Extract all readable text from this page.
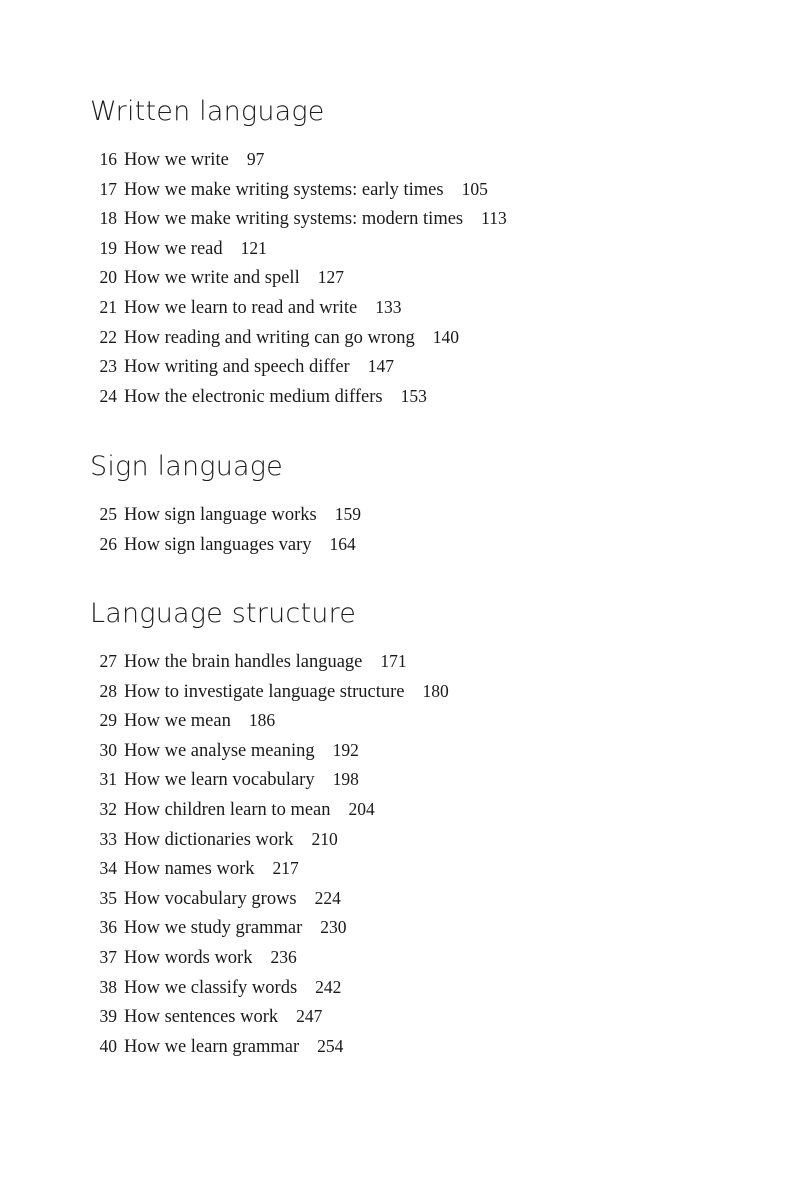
Written language
16 How we write 97
17 How we make writing systems: early times 105
18 How we make writing systems: modern times 113
19 How we read 121
20 How we write and spell 127
21 How we learn to read and write 133
22 How reading and writing can go wrong 140
23 How writing and speech differ 147
24 How the electronic medium differs 153
Sign language
25 How sign language works 159
26 How sign languages vary 164
Language structure
27 How the brain handles language 171
28 How to investigate language structure 180
29 How we mean 186
30 How we analyse meaning 192
31 How we learn vocabulary 198
32 How children learn to mean 204
33 How dictionaries work 210
34 How names work 217
35 How vocabulary grows 224
36 How we study grammar 230
37 How words work 236
38 How we classify words 242
39 How sentences work 247
40 How we learn grammar 254
